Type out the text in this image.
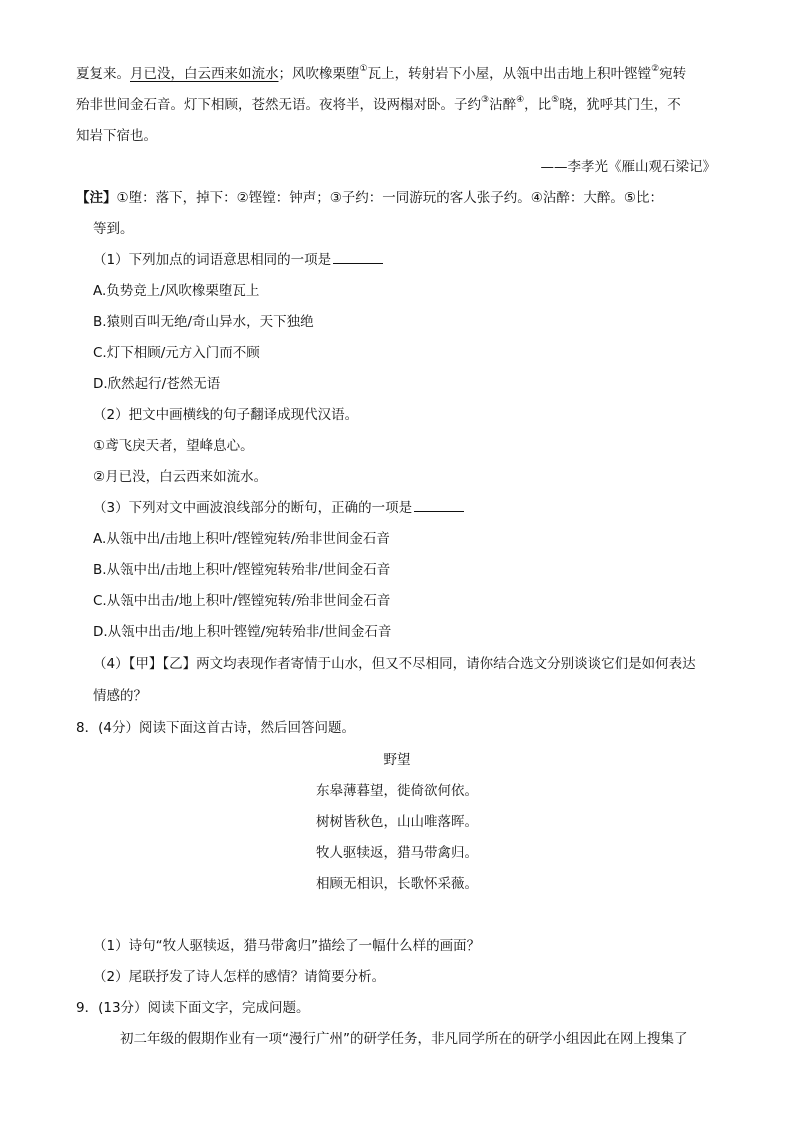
夏复来。月已没，白云西来如流水；风吹橡栗堕①瓦上，转射岩下小屋，从瓴中出击地上积叶铿镗②宛转
殆非世间金石音。灯下相顾，苍然无语。夜将半，设两榻对卧。子约③沾醉④，比⑤晓，犹呼其门生，不
知岩下宿也。
——李孝光《雁山观石梁记》
【注】①堕：落下，掉下：②铿镗：钟声；③子约：一同游玩的客人张子约。④沾醉：大醉。⑤比：
等到。
（1）下列加点的词语意思相同的一项是
A.负势竞上/风吹橡栗堕瓦上
B.猿则百叫无绝/奇山异水，天下独绝
C.灯下相顾/元方入门而不顾
D.欣然起行/苍然无语
（2）把文中画横线的句子翻译成现代汉语。
①鸢飞戾天者，望峰息心。
②月已没，白云西来如流水。
（3）下列对文中画波浪线部分的断句，正确的一项是
A.从瓴中出/击地上积叶/铿镗宛转/殆非世间金石音
B.从瓴中出/击地上积叶/铿镗宛转殆非/世间金石音
C.从瓴中出击/地上积叶/铿镗宛转/殆非世间金石音
D.从瓴中出击/地上积叶铿镗/宛转殆非/世间金石音
（4）【甲】【乙】两文均表现作者寄情于山水，但又不尽相同，请你结合选文分别谈谈它们是如何表达
情感的？
8．(4分）阅读下面这首古诗，然后回答问题。
野望
东皋薄暮望，徙倚欲何依。
树树皆秋色，山山唯落晖。
牧人驱犊返，猎马带禽归。
相顾无相识，长歌怀采薇。
（1）诗句“牧人驱犊返，猎马带禽归”描绘了一幅什么样的画面？
（2）尾联抒发了诗人怎样的感情？请简要分析。
9．(13分）阅读下面文字，完成问题。
初二年级的假期作业有一项“漫行广州”的研学任务，非凡同学所在的研学小组因此在网上搜集了
